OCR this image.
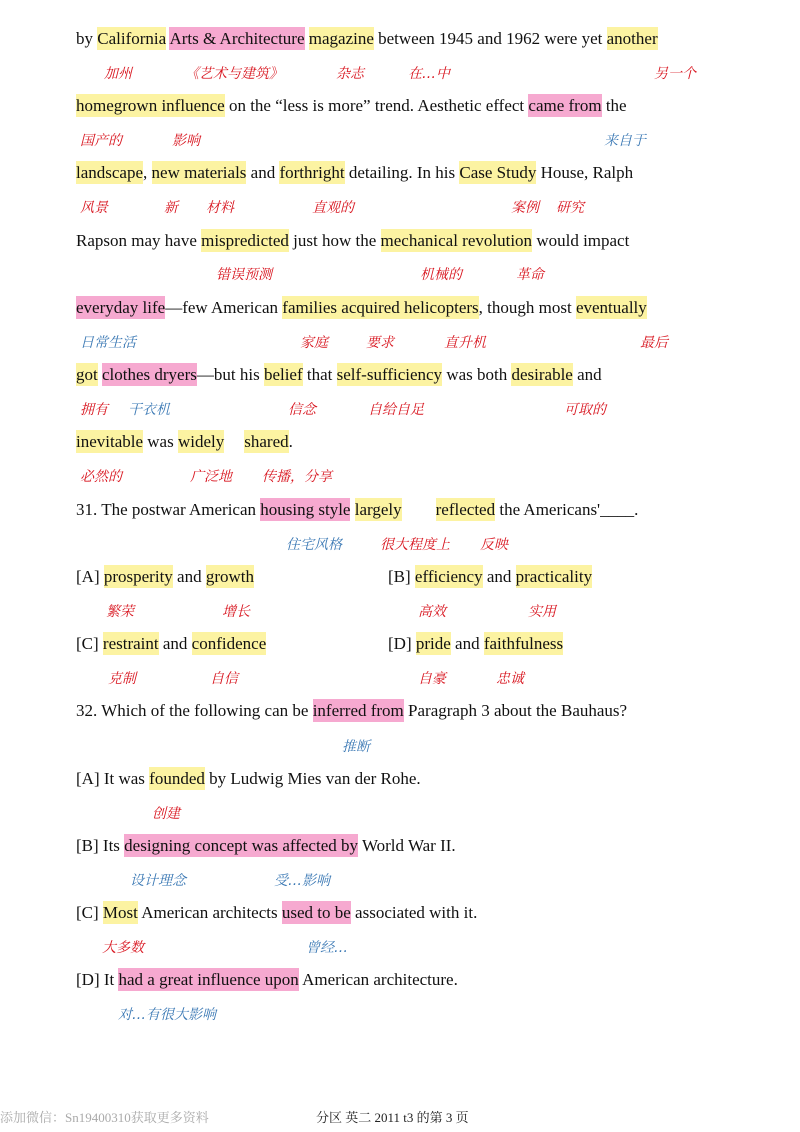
by California Arts & Architecture magazine between 1945 and 1962 were yet another
加州	《艺术与建筑》	杂志	在…中	另一个
homegrown influence on the “less is more” trend. Aesthetic effect came from the
国产的	影响	来自于
landscape, new materials and forthright detailing. In his Case Study House, Ralph
风景	新 材料	直观的	案例 研究
Rapson may have mispredicted just how the mechanical revolution would impact
错误预测	机械的	革命
everyday life—few American families acquired helicopters, though most eventually
日常生活	家庭	要求	直升机	最后
got clothes dryers—but his belief that self-sufficiency was both desirable and
拥有 干衣机	信念	自给自足	可取的
inevitable was widely shared.
必然的	广泛地 传播，分享
31. The postwar American housing style largely reflected the Americans'____.
住宅风格	很大程度上 反映
[A] prosperity and growth	[B] efficiency and practicality
繁荣	增长	高效	实用
[C] restraint and confidence	[D] pride and faithfulness
克制	自信	自豪	忠诚
32. Which of the following can be inferred from Paragraph 3 about the Bauhaus?
推断
[A] It was founded by Ludwig Mies van der Rohe.
创建
[B] Its designing concept was affected by World War II.
设计理念	受…影响
[C] Most American architects used to be associated with it.
大多数	曾经…
[D] It had a great influence upon American architecture.
对…有很大影响
添加微信：Sn19400310获取更多资料	分区 英二 2011 t3 的第 3 页
